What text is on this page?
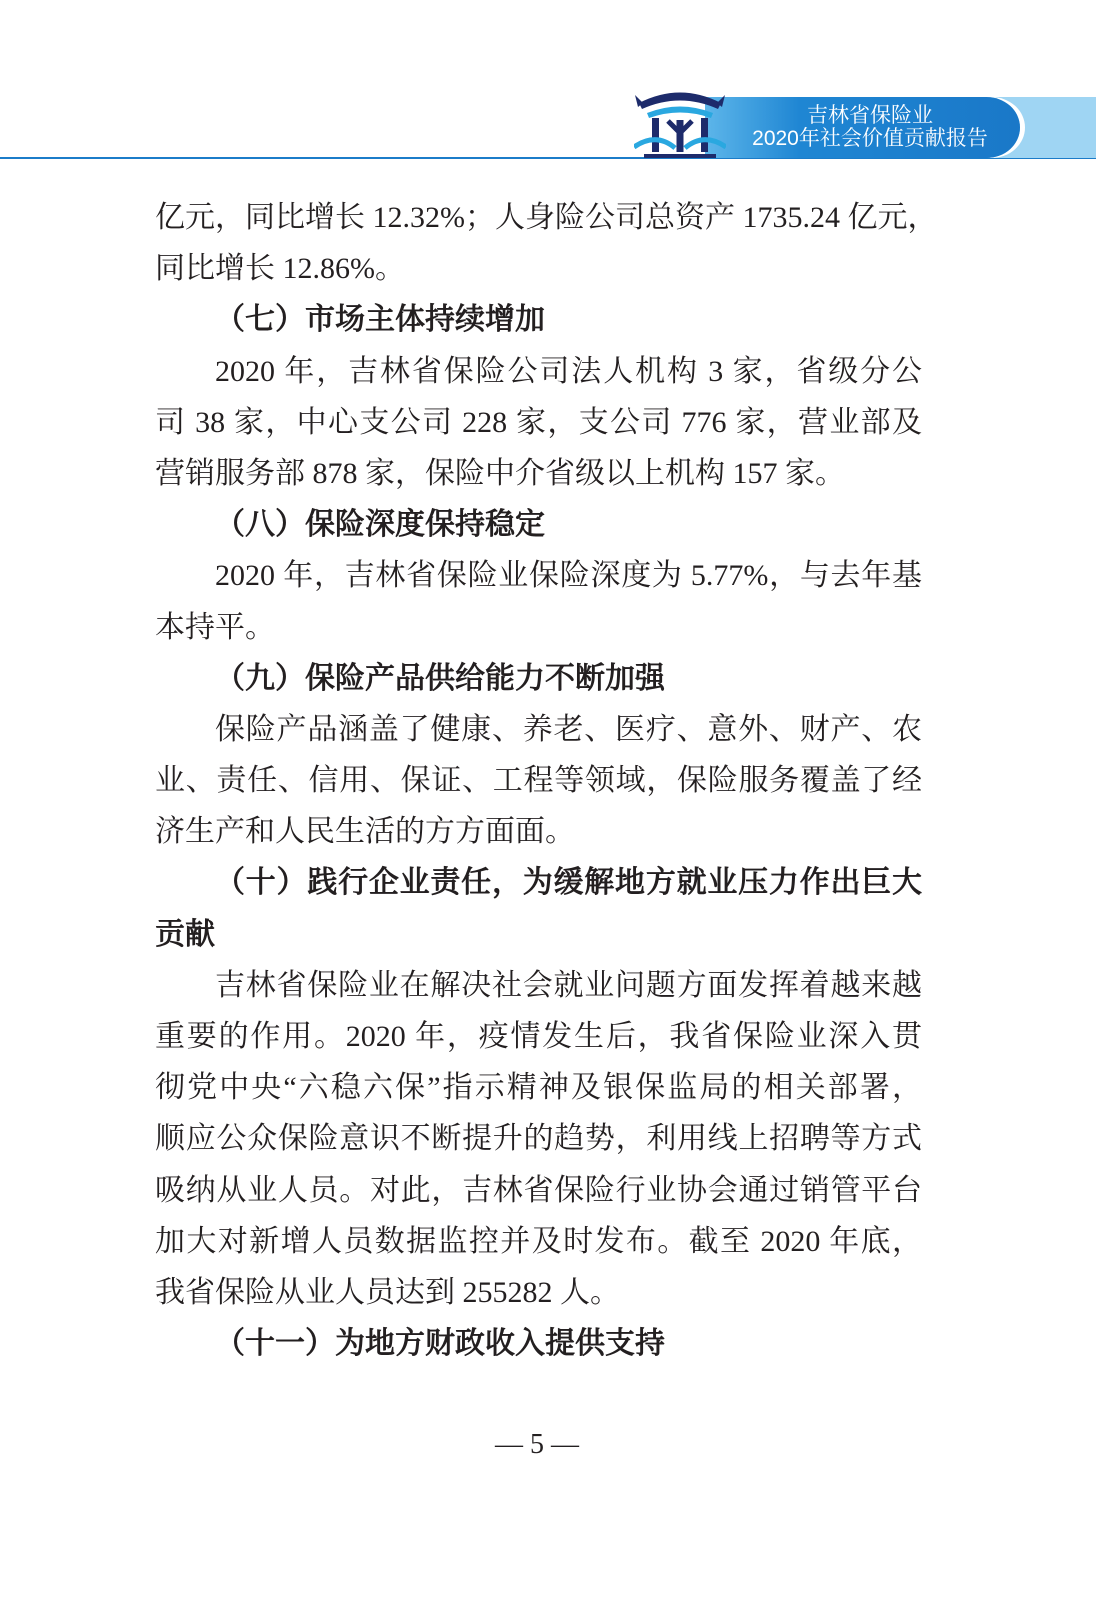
吉林省保险业
2020年社会价值贡献报告
亿元，同比增长 12.32%；人身险公司总资产 1735.24 亿元，
同比增长 12.86%。
（七）市场主体持续增加
2020 年，吉林省保险公司法人机构 3 家，省级分公
司 38 家，中心支公司 228 家，支公司 776 家，营业部及
营销服务部 878 家，保险中介省级以上机构 157 家。
（八）保险深度保持稳定
2020 年，吉林省保险业保险深度为 5.77%，与去年基
本持平。
（九）保险产品供给能力不断加强
保险产品涵盖了健康、养老、医疗、意外、财产、农
业、责任、信用、保证、工程等领域，保险服务覆盖了经
济生产和人民生活的方方面面。
（十）践行企业责任，为缓解地方就业压力作出巨大
贡献
吉林省保险业在解决社会就业问题方面发挥着越来越
重要的作用。2020 年，疫情发生后，我省保险业深入贯
彻党中央“六稳六保”指示精神及银保监局的相关部署，
顺应公众保险意识不断提升的趋势，利用线上招聘等方式
吸纳从业人员。对此，吉林省保险行业协会通过销管平台
加大对新增人员数据监控并及时发布。截至 2020 年底，
我省保险从业人员达到 255282 人。
（十一）为地方财政收入提供支持
— 5 —
